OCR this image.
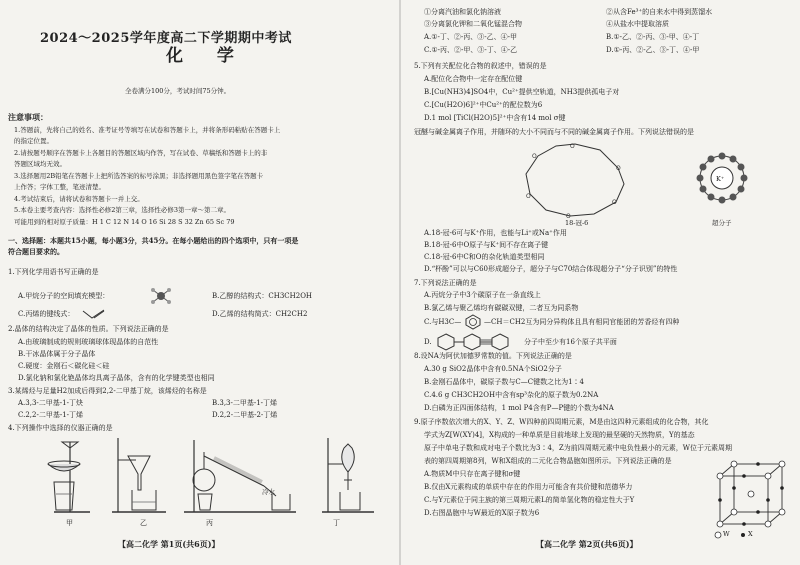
2024～2025学年度高二下学期期中考试
化 学
全卷满分100分，考试时间75分钟。
注意事项：
1.答题前，先将自己的姓名、准考证号等填写在试卷和答题卡上，并将条形码粘贴在答题卡上
的指定位置。
2.请按题号顺序在答题卡上各题目的答题区域内作答，写在试卷、草稿纸和答题卡上的非
答题区域均无效。
3.选择题用2B铅笔在答题卡上把所选答案的标号涂黑；非选择题用黑色签字笔在答题卡
上作答；字体工整，笔迹清楚。
4.考试结束后，请将试卷和答题卡一并上交。
5.本卷主要考查内容：选择性必修2第三章，选择性必修3第一章～第二章。
可能用到的相对原子质量：H 1 C 12 N 14 O 16 Si 28 S 32 Zn 65 Sc 79
一、选择题：本题共15小题，每小题3分，共45分。在每小题给出的四个选项中，只有一项是
符合题目要求的。
1.下列化学用语书写正确的是
A.甲烷分子的空间填充模型：	B.乙醇的结构式：CH3CH2OH
C.丙烯的键线式：	D.乙烯的结构简式：CH2CH2
2.晶体的结构决定了晶体的性质。下列说法正确的是
A.由玻璃制成的规则玻璃球体现晶体的自范性
B.干冰晶体属于分子晶体
C.硬度：金刚石＜碳化硅＜硅
D.氯化钠和氯化铯晶体均具离子晶体，含有的化学键类型也相同
3.某烯烃与足量H2加成后得到2,2-二甲基丁烷，该烯烃的名称是
A.3,3-二甲基-1-丁炔	B.3,3-二甲基-1-丁烯
C.2,2-二甲基-1-丁烯	D.2,2-二甲基-2-丁烯
4.下列操作中选择的仪器正确的是
甲	乙	丙
冷水
丁
【高二化学 第1页(共6页)】
①分离汽油和氯化钠溶液	②从含Fe³⁺的自来水中得到蒸馏水
③分离氯化钾和二氧化锰混合物	④从盐水中提取溶质
A.①-丁、②-丙、③-乙、④-甲	B.①-乙、②-丙、③-甲、④-丁
C.①-丙、②-甲、③-丁、④-乙	D.①-丙、②-乙、③-丁、④-甲
5.下列有关配位化合物的叙述中，错误的是
A.配位化合物中一定存在配位键
B.[Cu(NH3)4]SO4中，Cu²⁺提供空轨道，NH3提供孤电子对
C.[Cu(H2O)6]²⁺中Cu²⁺的配位数为6
D.1 mol [TiCl(H2O)5]²⁺中含有14 mol σ键
冠醚与碱金属离子作用，并随环的大小不同而与不同的碱金属离子作用。下列说法错误的是
O
O
O
O
O
O
18-冠-6
K⁺
超分子
A.18-冠-6可与K⁺作用，也能与Li⁺或Na⁺作用
B.18-冠-6中O原子与K⁺间不存在离子键
C.18-冠-6中C和O的杂化轨道类型相同
D.“杯酚”可以与C60形成超分子，超分子与C70结合体现超分子“分子识别”的特性
7.下列说法正确的是
A.丙烷分子中3个碳原子在一条直线上
B.氯乙烯与聚乙烯均有碳碳双键，二者互为同系物
C.与H3C—	—CH＝CH2互为同分异构体且具有相同官能团的芳香烃有四种
D.	分子中至少有16个原子共平面
8.设NA为阿伏加德罗常数的值。下列说法正确的是
A.30 g SiO2晶体中含有0.5NA个SiO2分子
B.金刚石晶体中，碳原子数与C—C键数之比为1∶4
C.4.6 g CH3CH2OH中含有sp³杂化的原子数为0.2NA
D.白磷为正四面体结构，1 mol P4含有P—P键的个数为4NA
9.原子序数依次增大的X、Y、Z、W四种前四周期元素，M是由这四种元素组成的化合物，其化
学式为Z[W(XY)4]，X构成的一种单质是目前地球上发现的最坚硬的天然物质，Y的基态
原子中单电子数和成对电子个数比为3∶4，Z为前四周期元素中电负性最小的元素，W位于元素周期
表的第四周期第8列，W和X组成的二元化合物晶胞如图所示。下列说法正确的是
A.物质M中只存在离子键和σ键
B.仅由X元素构成的单质中存在的作用力可能含有共价键和范德华力
C.与Y元素位于同主族的第三周期元素L的简单氢化物的稳定性大于Y
D.右图晶胞中与W最近的X原子数为6
W	X
【高二化学 第2页(共6页)】
